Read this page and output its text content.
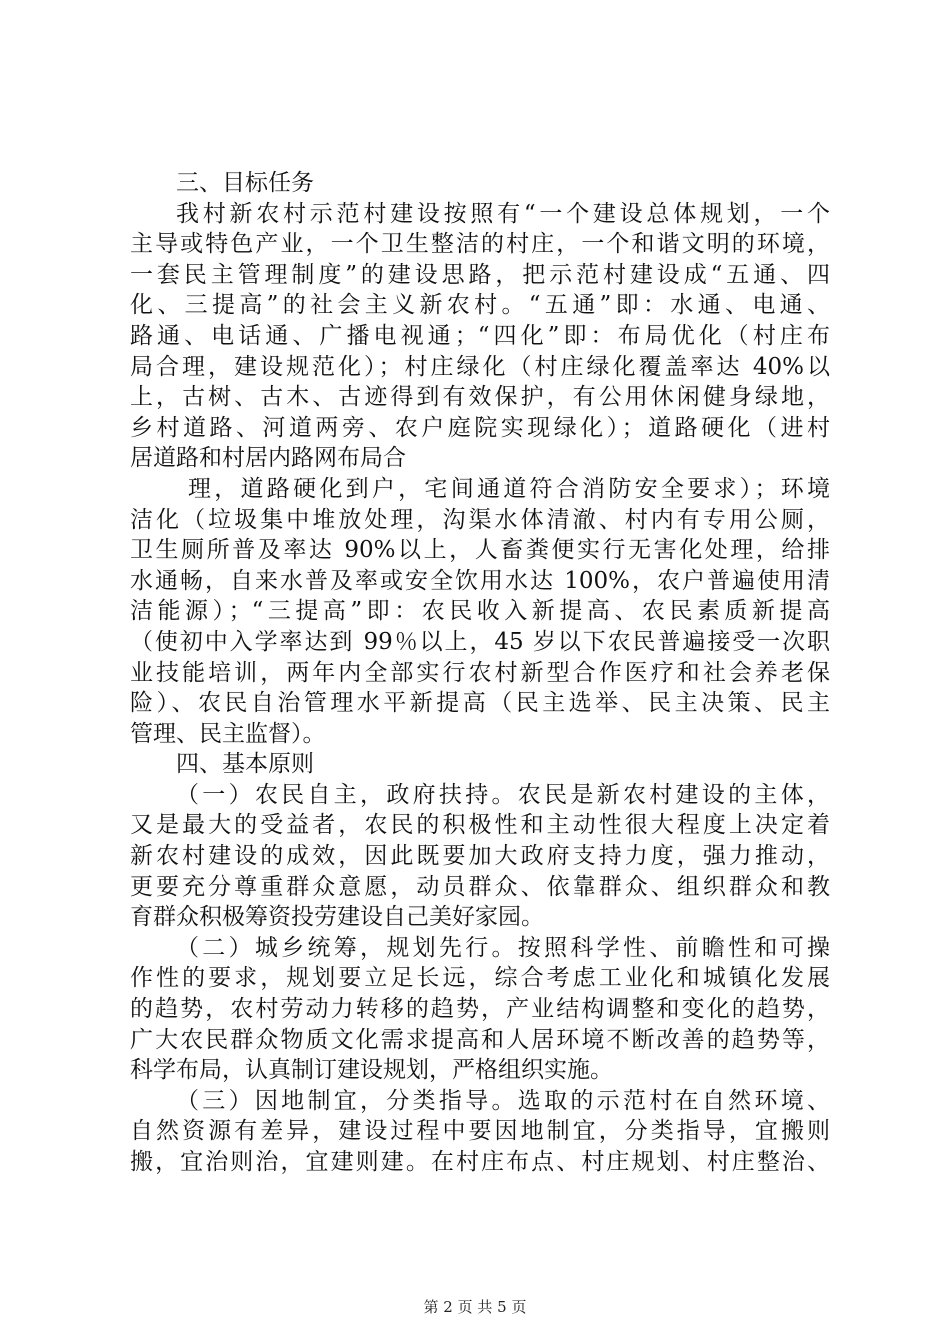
三、目标任务
我村新农村示范村建设按照有“一个建设总体规划，一个
主导或特色产业，一个卫生整洁的村庄，一个和谐文明的环境，
一套民主管理制度”的建设思路，把示范村建设成“五通、四
化、三提高”的社会主义新农村。“五通”即：水通、电通、
路通、电话通、广播电视通；“四化”即：布局优化（村庄布
局合理，建设规范化）；村庄绿化（村庄绿化覆盖率达 40%以
上，古树、古木、古迹得到有效保护，有公用休闲健身绿地，
乡村道路、河道两旁、农户庭院实现绿化）；道路硬化（进村
居道路和村居内路网布局合
理，道路硬化到户，宅间通道符合消防安全要求）；环境
洁化（垃圾集中堆放处理，沟渠水体清澈、村内有专用公厕，
卫生厕所普及率达 90%以上，人畜粪便实行无害化处理，给排
水通畅，自来水普及率或安全饮用水达 100%，农户普遍使用清
洁能源）；“三提高”即：农民收入新提高、农民素质新提高
（使初中入学率达到 99％以上，45 岁以下农民普遍接受一次职
业技能培训，两年内全部实行农村新型合作医疗和社会养老保
险）、农民自治管理水平新提高（民主选举、民主决策、民主
管理、民主监督）。
四、基本原则
（一）农民自主，政府扶持。农民是新农村建设的主体，
又是最大的受益者，农民的积极性和主动性很大程度上决定着
新农村建设的成效，因此既要加大政府支持力度，强力推动，
更要充分尊重群众意愿，动员群众、依靠群众、组织群众和教
育群众积极筹资投劳建设自己美好家园。
（二）城乡统筹，规划先行。按照科学性、前瞻性和可操
作性的要求，规划要立足长远，综合考虑工业化和城镇化发展
的趋势，农村劳动力转移的趋势，产业结构调整和变化的趋势，
广大农民群众物质文化需求提高和人居环境不断改善的趋势等，
科学布局，认真制订建设规划，严格组织实施。
（三）因地制宜，分类指导。选取的示范村在自然环境、
自然资源有差异，建设过程中要因地制宜，分类指导，宜搬则
搬，宜治则治，宜建则建。在村庄布点、村庄规划、村庄整治、
第 2 页 共 5 页
